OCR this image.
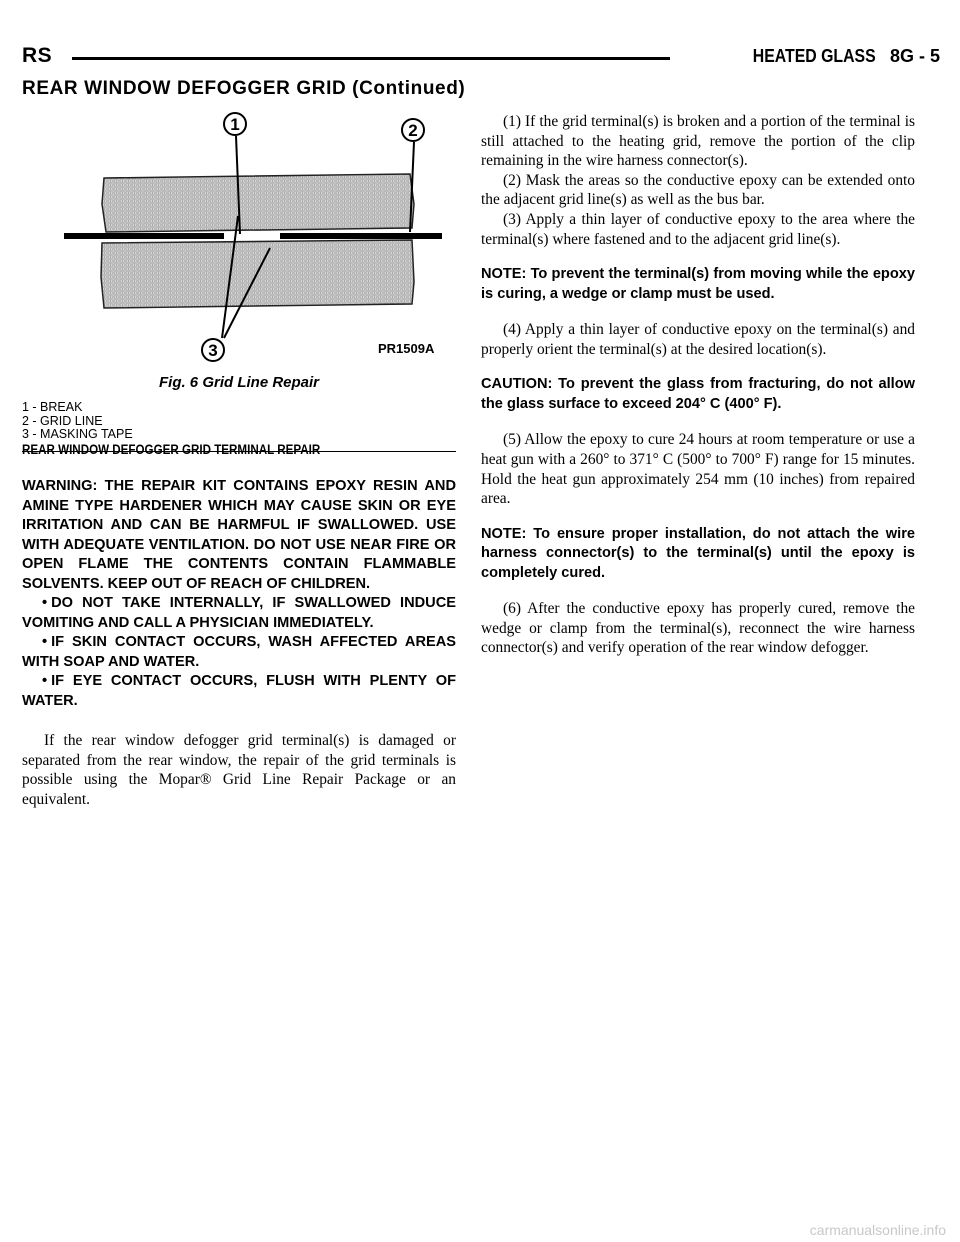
RS	HEATED GLASS 8G - 5
REAR WINDOW DEFOGGER GRID (Continued)
1	2
3	PR1509A
Fig. 6 Grid Line Repair
1 - BREAK
2 - GRID LINE
3 - MASKING TAPE
REAR WINDOW DEFOGGER GRID TERMINAL REPAIR

WARNING: THE REPAIR KIT CONTAINS EPOXY RESIN AND AMINE TYPE HARDENER WHICH MAY CAUSE SKIN OR EYE IRRITATION AND CAN BE HARMFUL IF SWALLOWED. USE WITH ADEQUATE VENTILATION. DO NOT USE NEAR FIRE OR OPEN FLAME THE CONTENTS CONTAIN FLAMMABLE SOLVENTS. KEEP OUT OF REACH OF CHILDREN.

• DO NOT TAKE INTERNALLY, IF SWALLOWED INDUCE VOMITING AND CALL A PHYSICIAN IMMEDIATELY.

• IF SKIN CONTACT OCCURS, WASH AFFECTED AREAS WITH SOAP AND WATER.

• IF EYE CONTACT OCCURS, FLUSH WITH PLENTY OF WATER.

If the rear window defogger grid terminal(s) is damaged or separated from the rear window, the repair of the grid terminals is possible using the Mopar® Grid Line Repair Package or an equivalent.

(1) If the grid terminal(s) is broken and a portion of the terminal is still attached to the heating grid, remove the portion of the clip remaining in the wire harness connector(s).

(2) Mask the areas so the conductive epoxy can be extended onto the adjacent grid line(s) as well as the bus bar.

(3) Apply a thin layer of conductive epoxy to the area where the terminal(s) where fastened and to the adjacent grid line(s).

NOTE: To prevent the terminal(s) from moving while the epoxy is curing, a wedge or clamp must be used.

(4) Apply a thin layer of conductive epoxy on the terminal(s) and properly orient the terminal(s) at the desired location(s).

CAUTION: To prevent the glass from fracturing, do not allow the glass surface to exceed 204° C (400° F).

(5) Allow the epoxy to cure 24 hours at room temperature or use a heat gun with a 260° to 371° C (500° to 700° F) range for 15 minutes. Hold the heat gun approximately 254 mm (10 inches) from repaired area.

NOTE: To ensure proper installation, do not attach the wire harness connector(s) to the terminal(s) until the epoxy is completely cured.

(6) After the conductive epoxy has properly cured, remove the wedge or clamp from the terminal(s), reconnect the wire harness connector(s) and verify operation of the rear window defogger.

carmanualsonline.info
